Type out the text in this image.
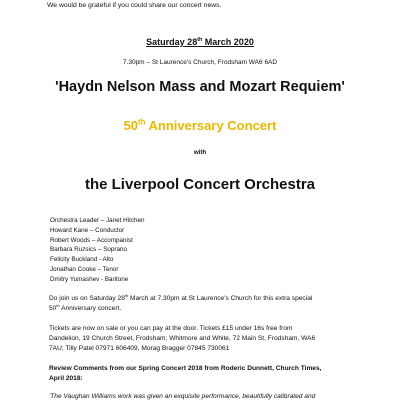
We would be grateful if you could share our concert news.
Saturday 28th March 2020
7.30pm – St Laurence's Church, Frodsham WA6 6AD
'Haydn Nelson Mass and Mozart Requiem'
50th Anniversary Concert
with
the Liverpool Concert Orchestra
Orchestra Leader – Janet Hitchen
Howard Kane – Conductor
Robert Woods – Accompanist
Barbara Ruzsics – Soprano
Felicity Buckland - Alto
Jonathan Cooke – Tenor
Dmitry Yumashev - Baritone
Do join us on Saturday 28th March at 7.30pm at St Laurence's Church for this extra special
50th Anniversary concert.
Tickets are now on sale or you can pay at the door. Tickets £15 under 16s free from
Dandelion, 19 Church Street, Frodsham; Whitmore and White, 72 Main St, Frodsham, WA6
7AU; Tilly Patel 07971 606409, Morag Bragger 07845 730061
Review Comments from our Spring Concert 2018 from Roderic Dunnett, Church Times,
April 2018:
'The Vaughan Williams work was given an exquisite performance, beautifully calibrated and
